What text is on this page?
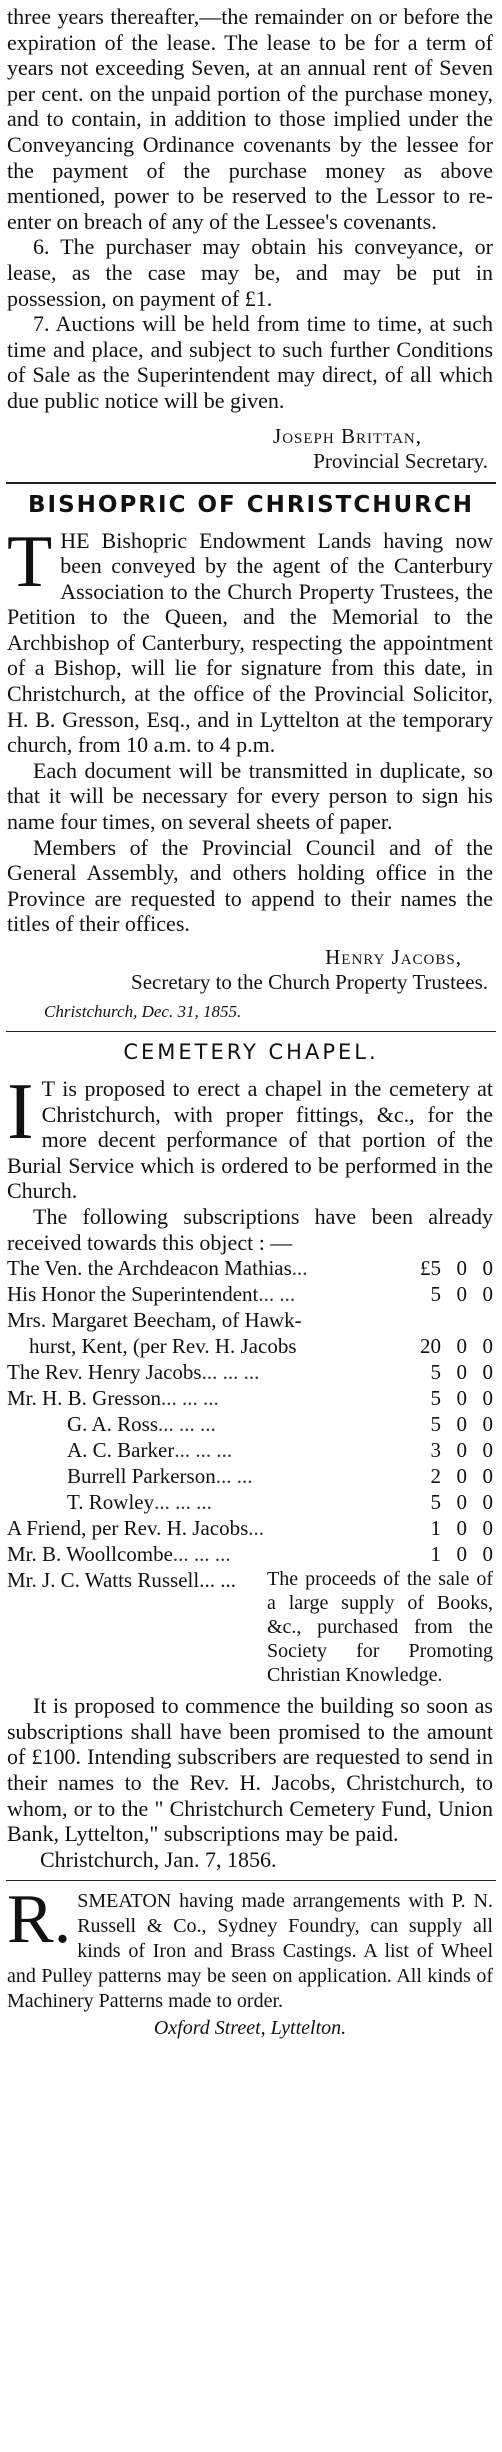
three years thereafter,—the remainder on or before the expiration of the lease. The lease to be for a term of years not exceeding Seven, at an annual rent of Seven per cent. on the unpaid portion of the purchase money, and to contain, in addition to those implied under the Conveyancing Ordinance covenants by the lessee for the payment of the purchase money as above mentioned, power to be reserved to the Lessor to re-enter on breach of any of the Lessee's covenants.

6. The purchaser may obtain his conveyance, or lease, as the case may be, and may be put in possession, on payment of £1.

7. Auctions will be held from time to time, at such time and place, and subject to such further Conditions of Sale as the Superintendent may direct, of all which due public notice will be given.

Joseph Brittan,

Provincial Secretary.

BISHOPRIC OF CHRISTCHURCH
THE Bishopric Endowment Lands having now been conveyed by the agent of the Canterbury Association to the Church Property Trustees, the Petition to the Queen, and the Memorial to the Archbishop of Canterbury, respecting the appointment of a Bishop, will lie for signature from this date, in Christchurch, at the office of the Provincial Solicitor, H. B. Gresson, Esq., and in Lyttelton at the temporary church, from 10 a.m. to 4 p.m.

Each document will be transmitted in duplicate, so that it will be necessary for every person to sign his name four times, on several sheets of paper.

Members of the Provincial Council and of the General Assembly, and others holding office in the Province are requested to append to their names the titles of their offices.

Henry Jacobs,

Secretary to the Church Property Trustees.

Christchurch, Dec. 31, 1855.

CEMETERY CHAPEL.
I T is proposed to erect a chapel in the cemetery at Christchurch, with proper fittings, &c., for the more decent performance of that portion of the Burial Service which is ordered to be performed in the Church.

The following subscriptions have been already received towards this object : —

The Ven. the Archdeacon Mathias ...	£5 0 0
His Honor the Superintendent ... ...	5 0 0
Mrs. Margaret Beecham, of Hawk-
hurst, Kent, (per Rev. H. Jacobs	20 0 0
The Rev. Henry Jacobs ... ... ...	5 0 0
Mr. H. B. Gresson ... ... ...	5 0 0
G. A. Ross ... ... ...	5 0 0
A. C. Barker ... ... ...	3 0 0
Burrell Parkerson ... ...	2 0 0
T. Rowley ... ... ...	5 0 0
A Friend, per Rev. H. Jacobs ...	1 0 0
Mr. B. Woollcombe ... ... ...	1 0 0
Mr. J. C. Watts Russell... ...	The proceeds of the sale of a large supply of Books, &c., purchased from the Society for Promoting Christian Knowledge.

It is proposed to commence the building so soon as subscriptions shall have been promised to the amount of £100. Intending subscribers are requested to send in their names to the Rev. H. Jacobs, Christchurch, to whom, or to the " Christchurch Cemetery Fund, Union Bank, Lyttelton," subscriptions may be paid.

Christchurch, Jan. 7, 1856.

R. SMEATON having made arrangements with P. N. Russell & Co., Sydney Foundry, can supply all kinds of Iron and Brass Castings. A list of Wheel and Pulley patterns may be seen on application. All kinds of Machinery Patterns made to order.
Oxford Street, Lyttelton.
